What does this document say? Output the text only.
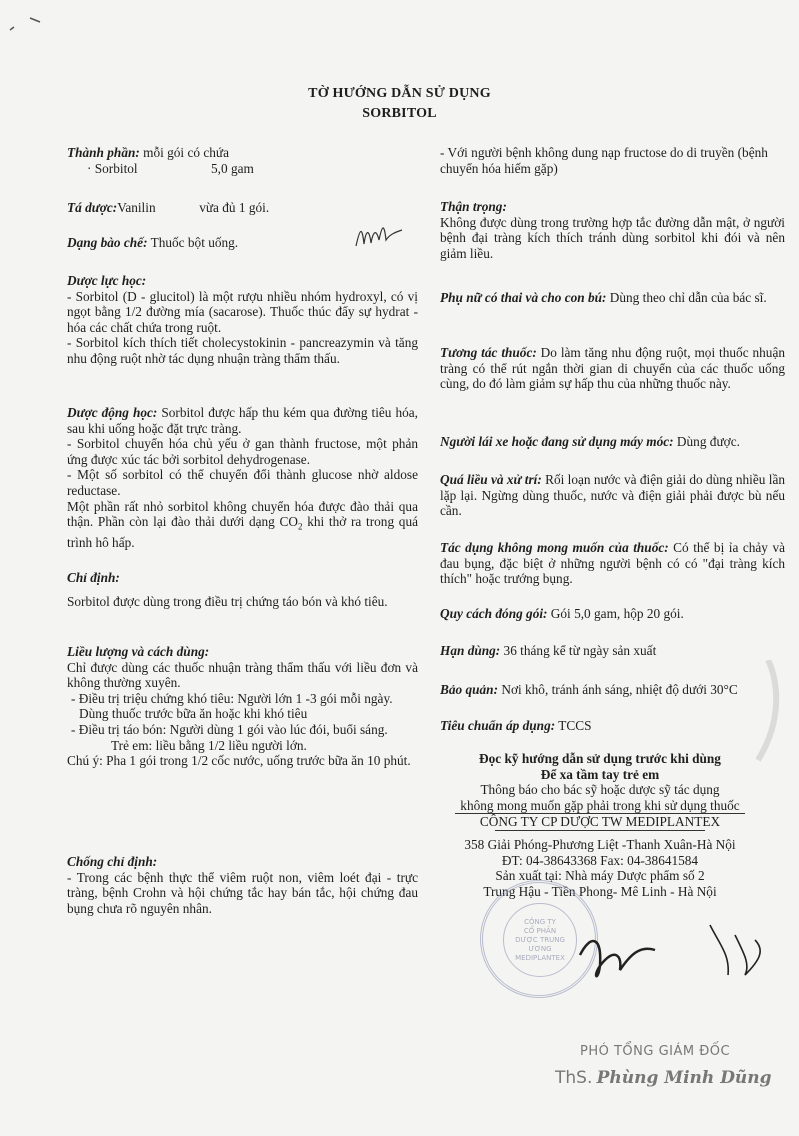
TỜ HƯỚNG DẪN SỬ DỤNG
SORBITOL

Thành phần: mỗi gói có chứa

· Sorbitol	5,0 gam

Tá dược:Vanilin	vừa đủ 1 gói.

Dạng bào chế: Thuốc bột uống.

Dược lực học:

- Sorbitol (D - glucitol) là một rượu nhiều nhóm hydroxyl, có vị ngọt bằng 1/2 đường mía (sacarose). Thuốc thúc đẩy sự hydrat - hóa các chất chứa trong ruột.

- Sorbitol kích thích tiết cholecystokinin - pancreazymin và tăng nhu động ruột nhờ tác dụng nhuận tràng thẩm thấu.

Dược động học: Sorbitol được hấp thu kém qua đường tiêu hóa, sau khi uống hoặc đặt trực tràng.

- Sorbitol chuyển hóa chủ yếu ở gan thành fructose, một phản ứng được xúc tác bởi sorbitol dehydrogenase.

- Một số sorbitol có thể chuyển đổi thành glucose nhờ aldose reductase.

Một phần rất nhỏ sorbitol không chuyển hóa được đào thải qua thận. Phần còn lại đào thải dưới dạng $CO_2$ khi thở ra trong quá trình hô hấp.

Chỉ định:

Sorbitol được dùng trong điều trị chứng táo bón và khó tiêu.

Liều lượng và cách dùng:

Chỉ được dùng các thuốc nhuận tràng thẩm thấu với liều đơn và không thường xuyên.

- Điều trị triệu chứng khó tiêu: Người lớn 1 -3 gói mỗi ngày.

Dùng thuốc trước bữa ăn hoặc khi khó tiêu

- Điều trị táo bón: Người dùng 1 gói vào lúc đói, buổi sáng.

Trẻ em: liều bằng 1/2 liều người lớn.

Chú ý: Pha 1 gói trong 1/2 cốc nước, uống trước bữa ăn 10 phút.

Chống chỉ định:

- Trong các bệnh thực thể viêm ruột non, viêm loét đại - trực tràng, bệnh Crohn và hội chứng tắc hay bán tắc, hội chứng đau bụng chưa rõ nguyên nhân.

- Với người bệnh không dung nạp fructose do di truyền (bệnh chuyển hóa hiếm gặp)

Thận trọng:

Không được dùng trong trường hợp tắc đường dẫn mật, ở người bệnh đại tràng kích thích tránh dùng sorbitol khi đói và nên giảm liều.

Phụ nữ có thai và cho con bú: Dùng theo chỉ dẫn của bác sĩ.

Tương tác thuốc: Do làm tăng nhu động ruột, mọi thuốc nhuận tràng có thể rút ngắn thời gian di chuyển của các thuốc uống cùng, do đó làm giảm sự hấp thu của những thuốc này.

Người lái xe hoặc đang sử dụng máy móc: Dùng được.

Quá liều và xử trí: Rối loạn nước và điện giải do dùng nhiều lần lặp lại. Ngừng dùng thuốc, nước và điện giải phải được bù nếu cần.

Tác dụng không mong muốn của thuốc: Có thể bị ỉa chảy và đau bụng, đặc biệt ở những người bệnh có có "đại tràng kích thích" hoặc trướng bụng.

Quy cách đóng gói: Gói 5,0 gam, hộp 20 gói.

Hạn dùng: 36 tháng kể từ ngày sản xuất

Bảo quản: Nơi khô, tránh ánh sáng, nhiệt độ dưới 30°C

Tiêu chuẩn áp dụng: TCCS

Đọc kỹ hướng dẫn sử dụng trước khi dùng

Để xa tầm tay trẻ em

Thông báo cho bác sỹ hoặc dược sỹ tác dụng

không mong muốn gặp phải trong khi sử dụng thuốc

CÔNG TY CP DƯỢC TW MEDIPLANTEX

358 Giải Phóng-Phương Liệt -Thanh Xuân-Hà Nội

ĐT: 04-38643368 Fax: 04-38641584

Sản xuất tại: Nhà máy Dược phẩm số 2

Trung Hậu - Tiền Phong- Mê Linh - Hà Nội

CÔNG TY
CỔ PHẦN
DƯỢC TRUNG ƯƠNG
MEDIPLANTEX
PHÓ TỔNG GIÁM ĐỐC
ThS. Phùng Minh Dũng
